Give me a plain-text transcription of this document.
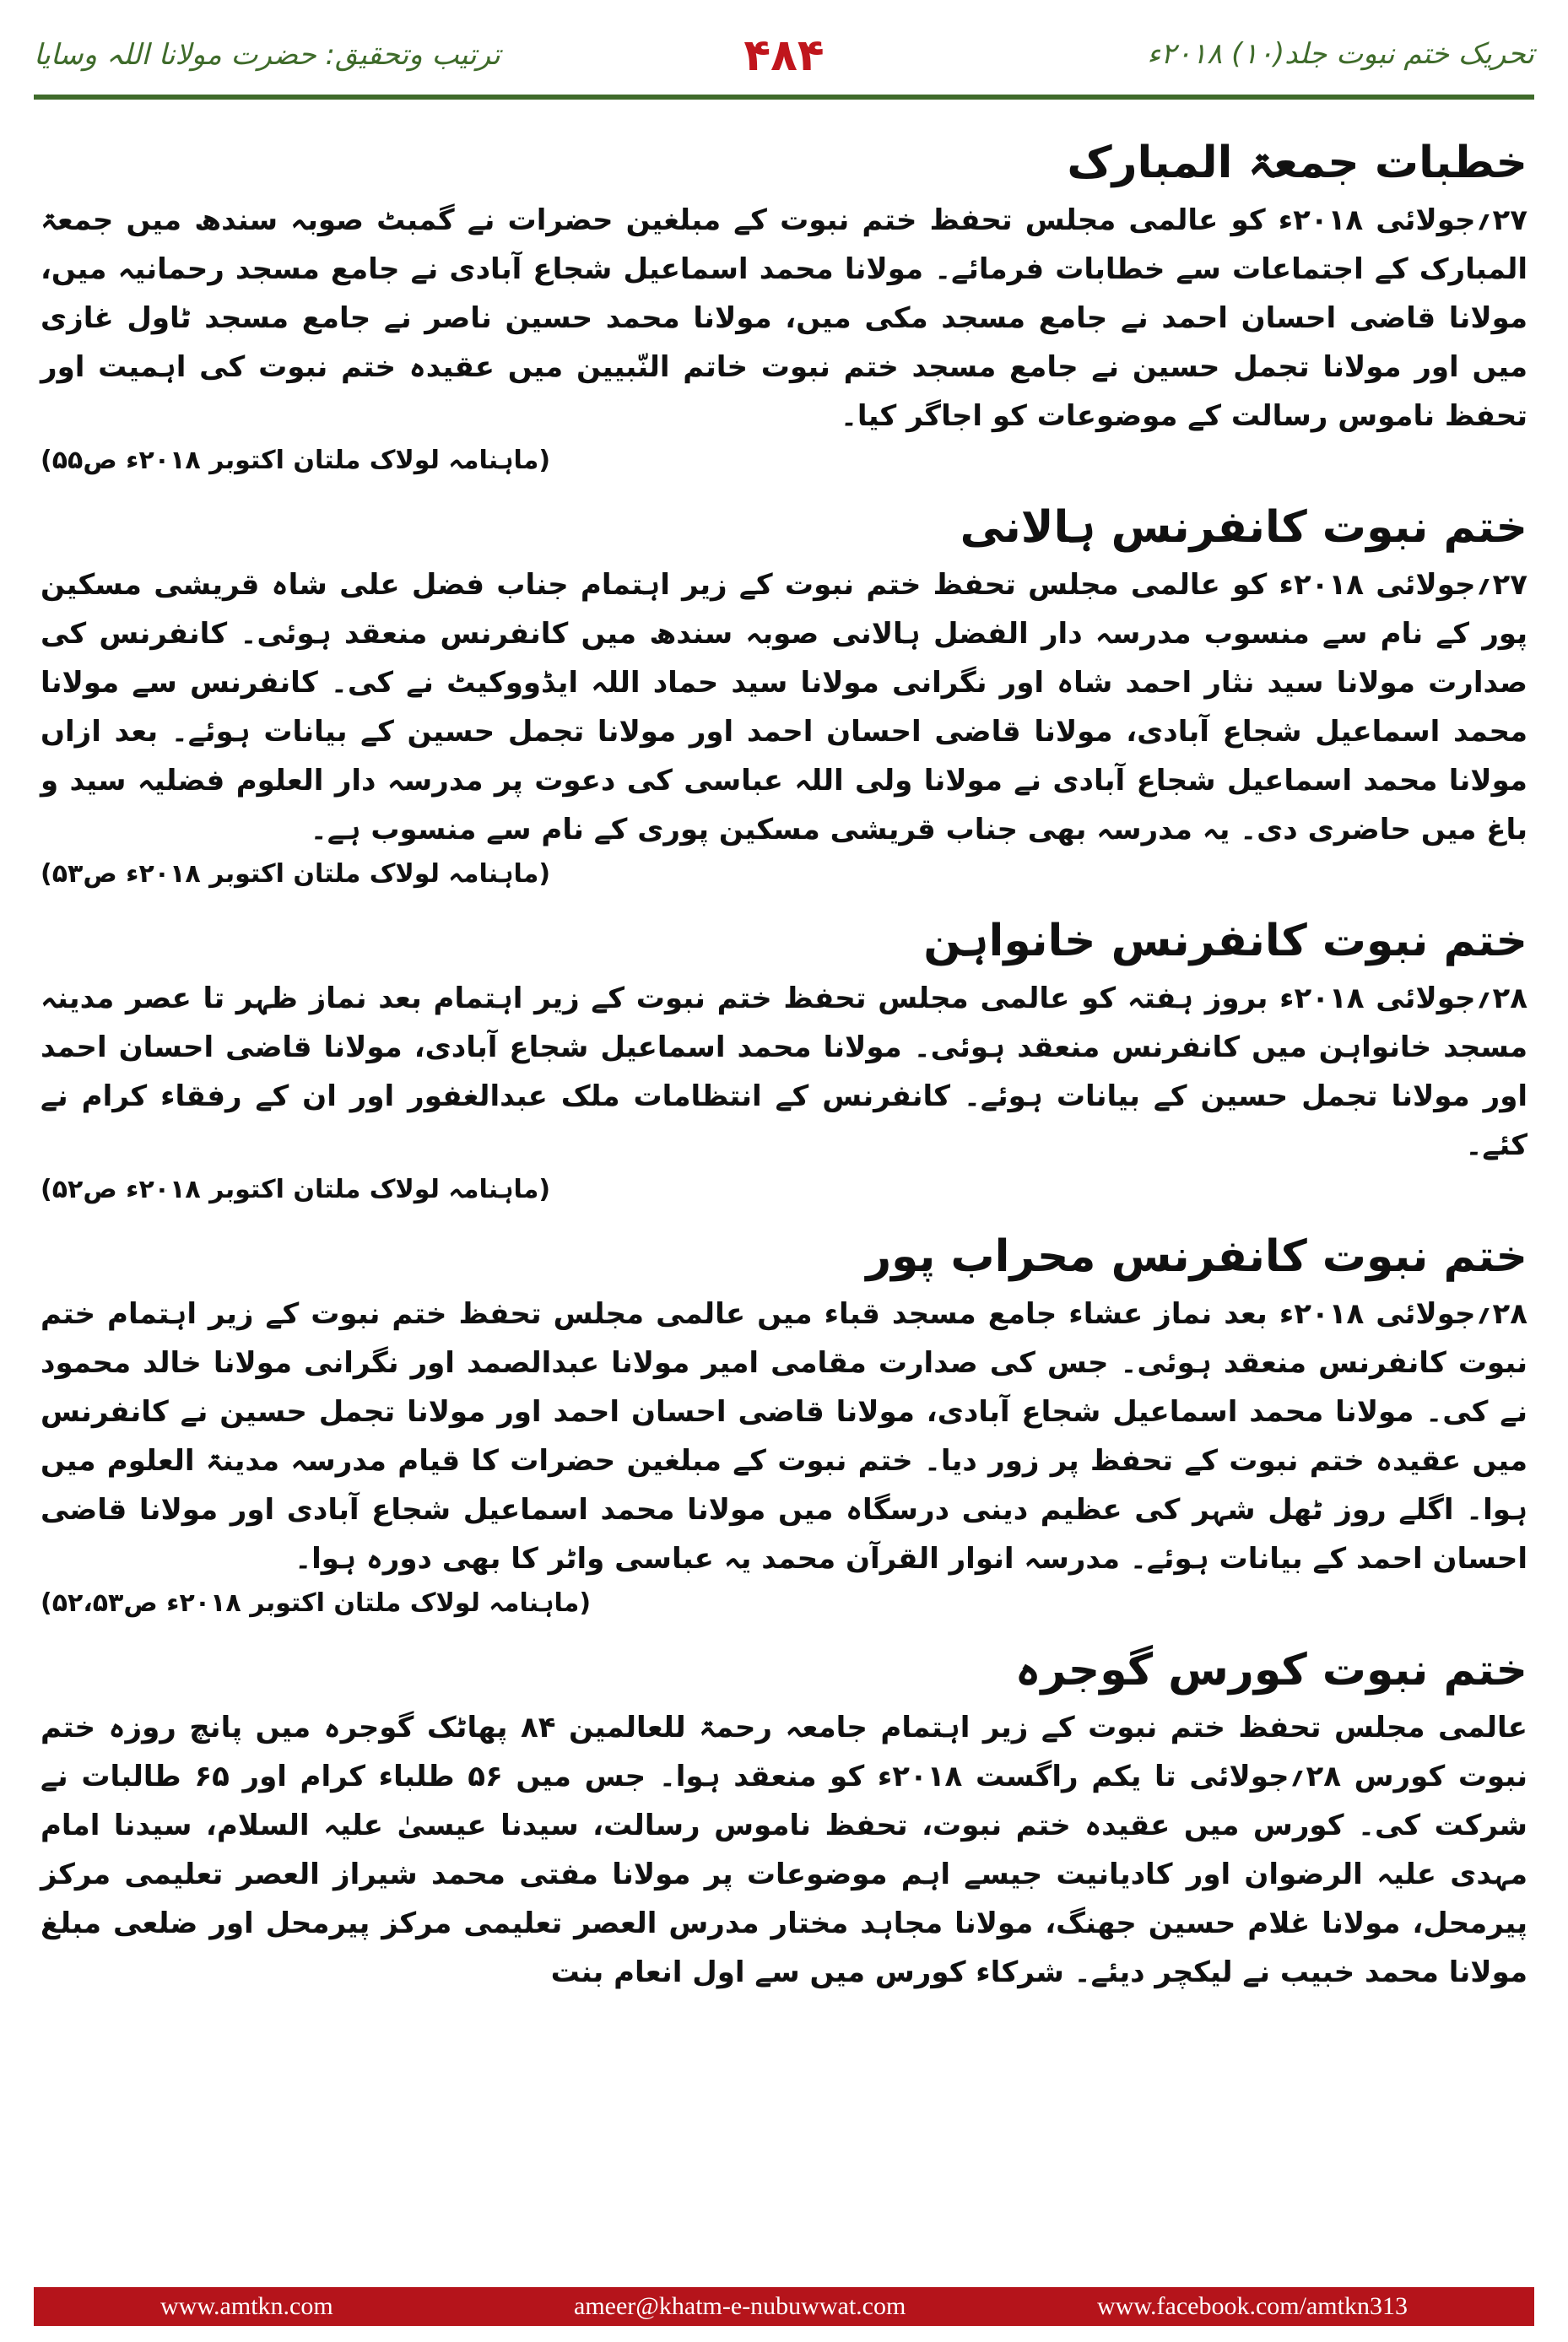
تحریک ختم نبوت جلد(۱۰) ۲۰۱۸ء
۴۸۴
ترتیب وتحقیق: حضرت مولانا اللہ وسایا
خطبات جمعۃ المبارک

۲۷؍جولائی ۲۰۱۸ء کو عالمی مجلس تحفظ ختم نبوت کے مبلغین حضرات نے گمبٹ صوبہ سندھ میں جمعۃ المبارک کے اجتماعات سے خطابات فرمائے۔ مولانا محمد اسماعیل شجاع آبادی نے جامع مسجد رحمانیہ میں، مولانا قاضی احسان احمد نے جامع مسجد مکی میں، مولانا محمد حسین ناصر نے جامع مسجد ٹاول غازی میں اور مولانا تجمل حسین نے جامع مسجد ختم نبوت خاتم النّبیین میں عقیدہ ختم نبوت کی اہمیت اور تحفظ ناموس رسالت کے موضوعات کو اجاگر کیا۔

(ماہنامہ لولاک ملتان اکتوبر ۲۰۱۸ء ص۵۵)
ختم نبوت کانفرنس ہالانی

۲۷؍جولائی ۲۰۱۸ء کو عالمی مجلس تحفظ ختم نبوت کے زیر اہتمام جناب فضل علی شاہ قریشی مسکین پور کے نام سے منسوب مدرسہ دار الفضل ہالانی صوبہ سندھ میں کانفرنس منعقد ہوئی۔ کانفرنس کی صدارت مولانا سید نثار احمد شاہ اور نگرانی مولانا سید حماد اللہ ایڈووکیٹ نے کی۔ کانفرنس سے مولانا محمد اسماعیل شجاع آبادی، مولانا قاضی احسان احمد اور مولانا تجمل حسین کے بیانات ہوئے۔ بعد ازاں مولانا محمد اسماعیل شجاع آبادی نے مولانا ولی اللہ عباسی کی دعوت پر مدرسہ دار العلوم فضلیہ سید و باغ میں حاضری دی۔ یہ مدرسہ بھی جناب قریشی مسکین پوری کے نام سے منسوب ہے۔

(ماہنامہ لولاک ملتان اکتوبر ۲۰۱۸ء ص۵۳)
ختم نبوت کانفرنس خانواہن

۲۸؍جولائی ۲۰۱۸ء بروز ہفتہ کو عالمی مجلس تحفظ ختم نبوت کے زیر اہتمام بعد نماز ظہر تا عصر مدینہ مسجد خانواہن میں کانفرنس منعقد ہوئی۔ مولانا محمد اسماعیل شجاع آبادی، مولانا قاضی احسان احمد اور مولانا تجمل حسین کے بیانات ہوئے۔ کانفرنس کے انتظامات ملک عبدالغفور اور ان کے رفقاء کرام نے کئے۔

(ماہنامہ لولاک ملتان اکتوبر ۲۰۱۸ء ص۵۲)
ختم نبوت کانفرنس محراب پور

۲۸؍جولائی ۲۰۱۸ء بعد نماز عشاء جامع مسجد قباء میں عالمی مجلس تحفظ ختم نبوت کے زیر اہتمام ختم نبوت کانفرنس منعقد ہوئی۔ جس کی صدارت مقامی امیر مولانا عبدالصمد اور نگرانی مولانا خالد محمود نے کی۔ مولانا محمد اسماعیل شجاع آبادی، مولانا قاضی احسان احمد اور مولانا تجمل حسین نے کانفرنس میں عقیدہ ختم نبوت کے تحفظ پر زور دیا۔ ختم نبوت کے مبلغین حضرات کا قیام مدرسہ مدینۃ العلوم میں ہوا۔ اگلے روز ٹھل شہر کی عظیم دینی درسگاہ میں مولانا محمد اسماعیل شجاع آبادی اور مولانا قاضی احسان احمد کے بیانات ہوئے۔ مدرسہ انوار القرآن محمد یہ عباسی واٹر کا بھی دورہ ہوا۔

(ماہنامہ لولاک ملتان اکتوبر ۲۰۱۸ء ص۵۲،۵۳)
ختم نبوت کورس گوجرہ

عالمی مجلس تحفظ ختم نبوت کے زیر اہتمام جامعہ رحمۃ للعالمین ۸۴ پھاٹک گوجرہ میں پانچ روزہ ختم نبوت کورس ۲۸؍جولائی تا یکم راگست ۲۰۱۸ء کو منعقد ہوا۔ جس میں ۵۶ طلباء کرام اور ۶۵ طالبات نے شرکت کی۔ کورس میں عقیدہ ختم نبوت، تحفظ ناموس رسالت، سیدنا عیسیٰ علیہ السلام، سیدنا امام مہدی علیہ الرضوان اور کادیانیت جیسے اہم موضوعات پر مولانا مفتی محمد شیراز العصر تعلیمی مرکز پیرمحل، مولانا غلام حسین جھنگ، مولانا مجاہد مختار مدرس العصر تعلیمی مرکز پیرمحل اور ضلعی مبلغ مولانا محمد خبیب نے لیکچر دیئے۔ شرکاء کورس میں سے اول انعام بنت

www.amtkn.com	ameer@khatm-e-nubuwwat.com	www.facebook.com/amtkn313
